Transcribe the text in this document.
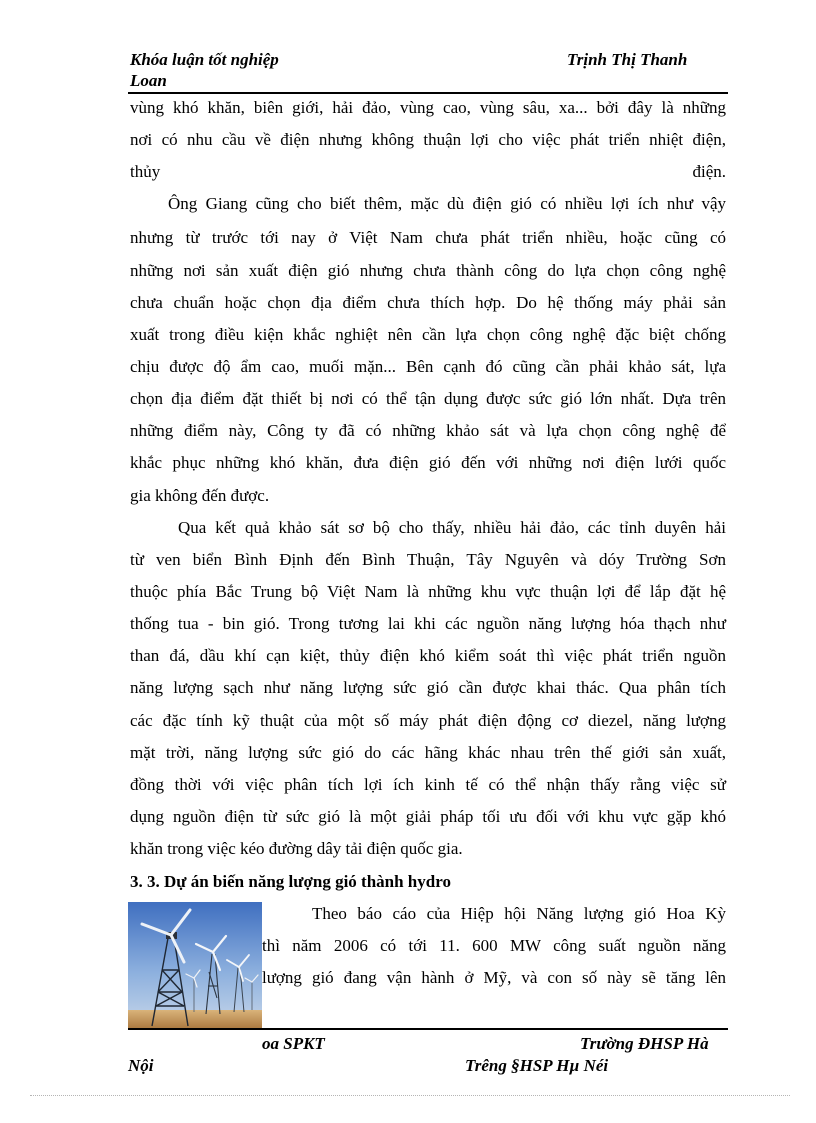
Khóa luận tốt nghiệp
Loan
Trịnh Thị Thanh
vùng khó khăn, biên giới, hải đảo, vùng cao, vùng sâu, xa... bởi đây là những
nơi có nhu cầu về điện nhưng không thuận lợi cho việc phát triển nhiệt điện,
thủy điện.
Ông Giang cũng cho biết thêm, mặc dù điện gió có nhiều lợi ích như vậy
nhưng từ trước tới nay ở Việt Nam chưa phát triển nhiều, hoặc cũng có
những nơi sản xuất điện gió nhưng chưa thành công do lựa chọn công nghệ
chưa chuẩn hoặc chọn địa điểm chưa thích hợp. Do hệ thống máy phải sản
xuất trong điều kiện khắc nghiệt nên cần lựa chọn công nghệ đặc biệt chống
chịu được độ ẩm cao, muối mặn... Bên cạnh đó cũng cần phải khảo sát, lựa
chọn địa điểm đặt thiết bị nơi có thể tận dụng được sức gió lớn nhất. Dựa trên
những điểm này, Công ty đã có những khảo sát và lựa chọn công nghệ để
khắc phục những khó khăn, đưa điện gió đến với những nơi điện lưới quốc
gia không đến được.
Qua kết quả khảo sát sơ bộ cho thấy, nhiều hải đảo, các tỉnh duyên hải
từ ven biển Bình Định đến Bình Thuận, Tây Nguyên và dóy Trường Sơn
thuộc phía Bắc Trung bộ Việt Nam là những khu vực thuận lợi để lắp đặt hệ
thống tua - bin gió. Trong tương lai khi các nguồn năng lượng hóa thạch như
than đá, dầu khí cạn kiệt, thủy điện khó kiểm soát thì việc phát triển nguồn
năng lượng sạch như năng lượng sức gió cần được khai thác. Qua phân tích
các đặc tính kỹ thuật của một số máy phát điện động cơ diezel, năng lượng
mặt trời, năng lượng sức gió do các hãng khác nhau trên thế giới sản xuất,
đồng thời với việc phân tích lợi ích kinh tế có thể nhận thấy rằng việc sử
dụng nguồn điện từ sức gió là một giải pháp tối ưu đối với khu vực gặp khó
khăn trong việc kéo đường dây tải điện quốc gia.
3. 3. Dự án biến năng lượng gió thành hydro
Theo báo cáo của Hiệp hội Năng lượng gió Hoa Kỳ
thì năm 2006 có tới 11. 600 MW công suất nguồn năng
lượng gió đang vận hành ở Mỹ, và con số này sẽ tăng lên
oa SPKT	Trường ĐHSP Hà
Nội	Trêng §HSP Hµ Néi
